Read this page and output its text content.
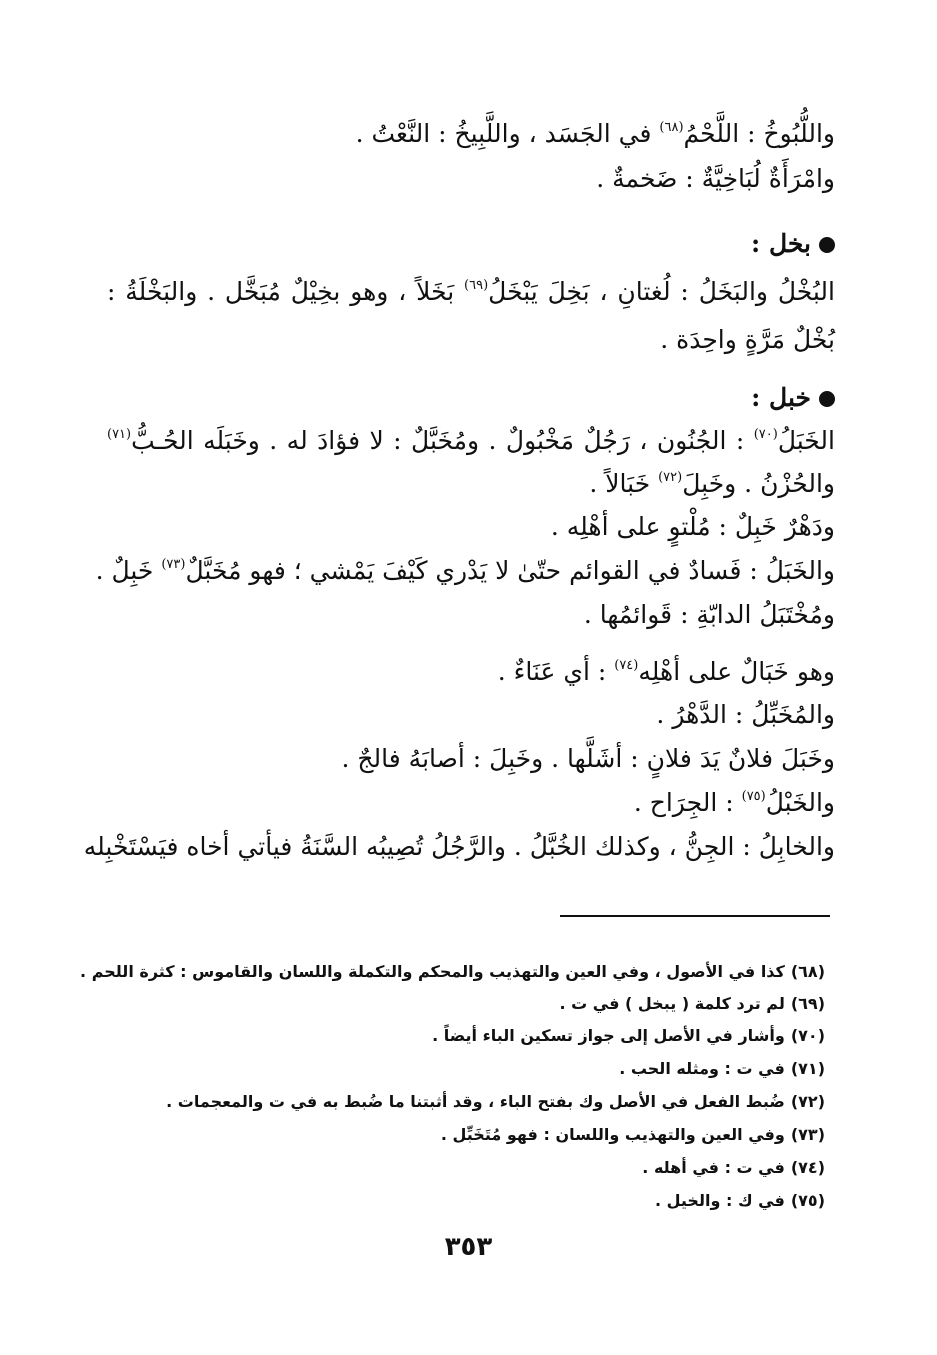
واللُّبُوخُ : اللَّحْمُ$^{(٦٨)}$ في الجَسَد ، واللَّبِيخُ : النَّعْتُ .
وامْرَأَةٌ لُبَاخِيَّةٌ : ضَخمةٌ .
بخل :
البُخْلُ والبَخَلُ : لُغتانِ ، بَخِلَ يَبْخَلُ$^{(٦٩)}$ بَخَلاً ، وهو بخِيْلٌ مُبَخَّل . والبَخْلَةُ :
بُخْلٌ مَرَّةٍ واحِدَة .
خبل :
الخَبَلُ$^{(٧٠)}$ : الجُنُون ، رَجُلٌ مَخْبُولٌ . ومُخَبَّلٌ : لا فؤادَ له . وخَبَلَه الحُـبُّ$^{(٧١)}$
والحُزْنُ . وخَبِلَ$^{(٧٢)}$ خَبَالاً .
ودَهْرٌ خَبِلٌ : مُلْتوٍ على أهْلِه .
والخَبَلُ : فَسادٌ في القوائم حتّىٰ لا يَدْري كَيْفَ يَمْشي ؛ فهو مُخَبَّلٌ$^{(٧٣)}$ خَبِلٌ .
ومُخْتَبَلُ الدابّةِ : قَوائمُها .
وهو خَبَالٌ على أهْلِه$^{(٧٤)}$ : أي عَنَاءٌ .
والمُخَبِّلُ : الدَّهْرُ .
وخَبَلَ فلانٌ يَدَ فلانٍ : أشَلَّها . وخَبِلَ : أصابَهُ فالجٌ .
والخَبْلُ$^{(٧٥)}$ : الجِرَاح .
والخابِلُ : الجِنُّ ، وكذلك الخُبَّلُ . والرَّجُلُ تُصِيبُه السَّنَةُ فيأتي أخاه فيَسْتَخْبِله
(٦٨)كذا في الأصول ، وفي العين والتهذيب والمحكم والتكملة واللسان والقاموس : كثرة اللحم .
(٦٩)لم ترد كلمة ( يبخل ) في ت .
(٧٠)وأشار في الأصل إلى جواز تسكين الباء أيضاً .
(٧١)في ت : ومثله الحب .
(٧٢)ضُبط الفعل في الأصل وك بفتح الباء ، وقد أثبتنا ما ضُبط به في ت والمعجمات .
(٧٣)وفي العين والتهذيب واللسان : فهو مُتَخَبِّل .
(٧٤)في ت : في أهله .
(٧٥)في ك : والخيل .
٣٥٣
